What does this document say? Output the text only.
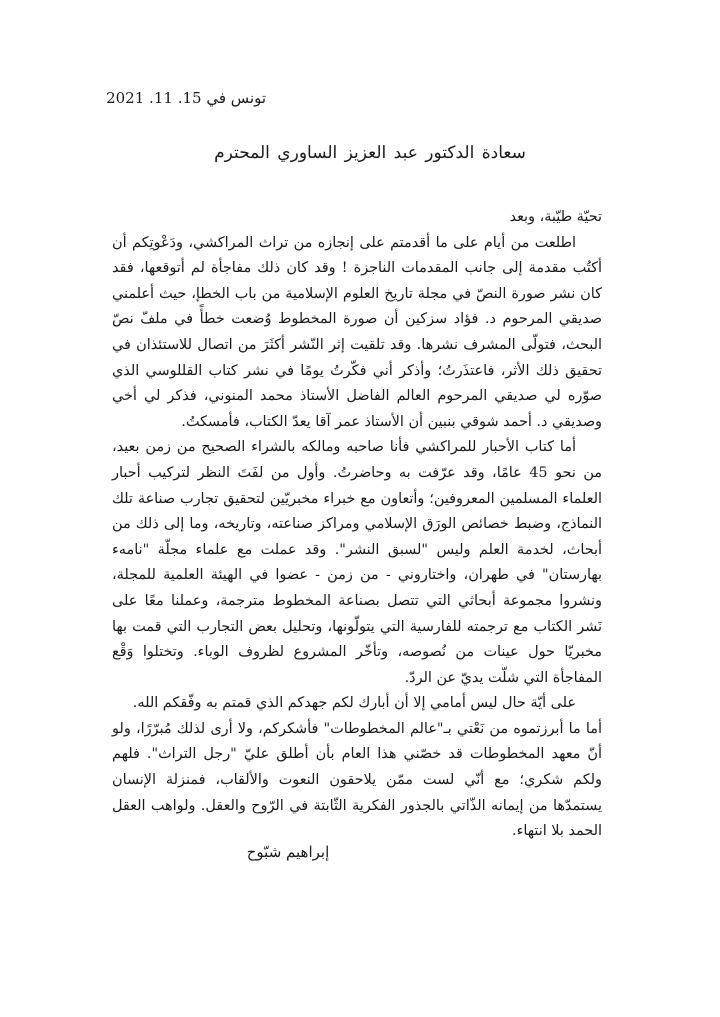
تونس في 15. 11. 2021
سعادة الدكتور عبد العزيز الساوري المحترم

تحيّة طيّبة، وبعد

اطلعت من أيام على ما أقدمتم على إنجازه من تراث المراكشي، ودَعْوتِكم أن أكتُب مقدمة إلى جانب المقدمات الناجزة ! وقد كان ذلك مفاجأة لم أتوقعها، فقد كان نشر صورة النصّ في مجلة تاريخ العلوم الإسلامية من باب الخطإ، حيث أعلمني صديقي المرحوم د. فؤاد سزكين أن صورة المخطوط وُضعت خطأً في ملفّ نصّ البحث، فتولّى المشرف نشرها. وقد تلقيت إثر النّشر أكثَرَ من اتصال للاستئذان في تحقيق ذلك الأثر، فاعتذَرتُ؛ وأذكر أني فكّرتُ يومًا في نشر كتاب القللوسي الذي صوّره لي صديقي المرحوم العالم الفاضل الأستاذ محمد المنوني، فذكر لي أخي وصديقي د. أحمد شوقي بنبين أن الأستاذ عمر آقا يعدّ الكتاب، فأمسكتُ.

أما كتاب الأحبار للمراكشي فأنا صاحبه ومالكه بالشراء الصحيح من زمن بعيد، من نحو 45 عامًا، وقد عرّفت به وحاضرتُ. وأول من لفَتَ النظر لتركيب أحبار العلماء المسلمين المعروفين؛ وأتعاون مع خبراء مخبريّين لتحقيق تجارب صناعة تلك النماذج، وضبط خصائص الورَق الإسلامي ومراكز صناعته، وتاريخه، وما إلى ذلك من أبحاث، لخدمة العلم وليس "لسبق النشر". وقد عملت مع علماء مجلّة "نامهء بهارستان" في طهران، واختاروني - من زمن - عضوا في الهيئة العلمية للمجلة، ونشروا مجموعة أبحاثي التي تتصل بصناعة المخطوط مترجمة، وعملنا معًا على نَشر الكتاب مع ترجمته للفارسية التي يتولّونها، وتحليل بعض التجارب التي قمت بها مخبريّا حول عينات من نُصوصه، وتأخّر المشروع لظروف الوباء. وتختلوا وَقْع المفاجأة التي شلّت يديّ عن الردّ.

على أيّة حال ليس أمامي إلا أن أبارك لكم جهدكم الذي قمتم به وفّقكم الله.

أما ما أبرزتموه من نَعْتي بـ"عالم المخطوطات" فأشكركم، ولا أرى لذلك مُبرّرًا، ولو أنّ معهد المخطوطات قد خصّني هذا العام بأن أطلق عليّ "رجل التراث". فلهم ولكم شكري؛ مع أنّي لست ممّن يلاحقون النعوت والألقاب، فمنزلة الإنسان يستمدّها من إيمانه الذّاتي بالجذور الفكرية الثّابتة في الرّوح والعقل. ولواهب العقل الحمد بلا انتهاء.

إبراهيم شبّوح
